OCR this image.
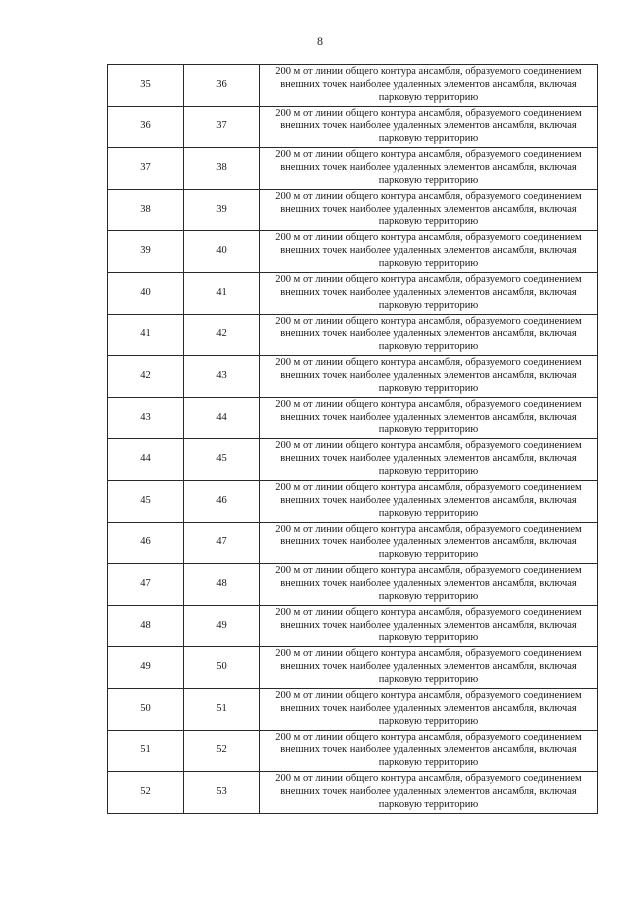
8
35	36	200 м от линии общего контура ансамбля, образуемого соединением внешних точек наиболее удаленных элементов ансамбля, включая парковую территорию
36	37	200 м от линии общего контура ансамбля, образуемого соединением внешних точек наиболее удаленных элементов ансамбля, включая парковую территорию
37	38	200 м от линии общего контура ансамбля, образуемого соединением внешних точек наиболее удаленных элементов ансамбля, включая парковую территорию
38	39	200 м от линии общего контура ансамбля, образуемого соединением внешних точек наиболее удаленных элементов ансамбля, включая парковую территорию
39	40	200 м от линии общего контура ансамбля, образуемого соединением внешних точек наиболее удаленных элементов ансамбля, включая парковую территорию
40	41	200 м от линии общего контура ансамбля, образуемого соединением внешних точек наиболее удаленных элементов ансамбля, включая парковую территорию
41	42	200 м от линии общего контура ансамбля, образуемого соединением внешних точек наиболее удаленных элементов ансамбля, включая парковую территорию
42	43	200 м от линии общего контура ансамбля, образуемого соединением внешних точек наиболее удаленных элементов ансамбля, включая парковую территорию
43	44	200 м от линии общего контура ансамбля, образуемого соединением внешних точек наиболее удаленных элементов ансамбля, включая парковую территорию
44	45	200 м от линии общего контура ансамбля, образуемого соединением внешних точек наиболее удаленных элементов ансамбля, включая парковую территорию
45	46	200 м от линии общего контура ансамбля, образуемого соединением внешних точек наиболее удаленных элементов ансамбля, включая парковую территорию
46	47	200 м от линии общего контура ансамбля, образуемого соединением внешних точек наиболее удаленных элементов ансамбля, включая парковую территорию
47	48	200 м от линии общего контура ансамбля, образуемого соединением внешних точек наиболее удаленных элементов ансамбля, включая парковую территорию
48	49	200 м от линии общего контура ансамбля, образуемого соединением внешних точек наиболее удаленных элементов ансамбля, включая парковую территорию
49	50	200 м от линии общего контура ансамбля, образуемого соединением внешних точек наиболее удаленных элементов ансамбля, включая парковую территорию
50	51	200 м от линии общего контура ансамбля, образуемого соединением внешних точек наиболее удаленных элементов ансамбля, включая парковую территорию
51	52	200 м от линии общего контура ансамбля, образуемого соединением внешних точек наиболее удаленных элементов ансамбля, включая парковую территорию
52	53	200 м от линии общего контура ансамбля, образуемого соединением внешних точек наиболее удаленных элементов ансамбля, включая парковую территорию
